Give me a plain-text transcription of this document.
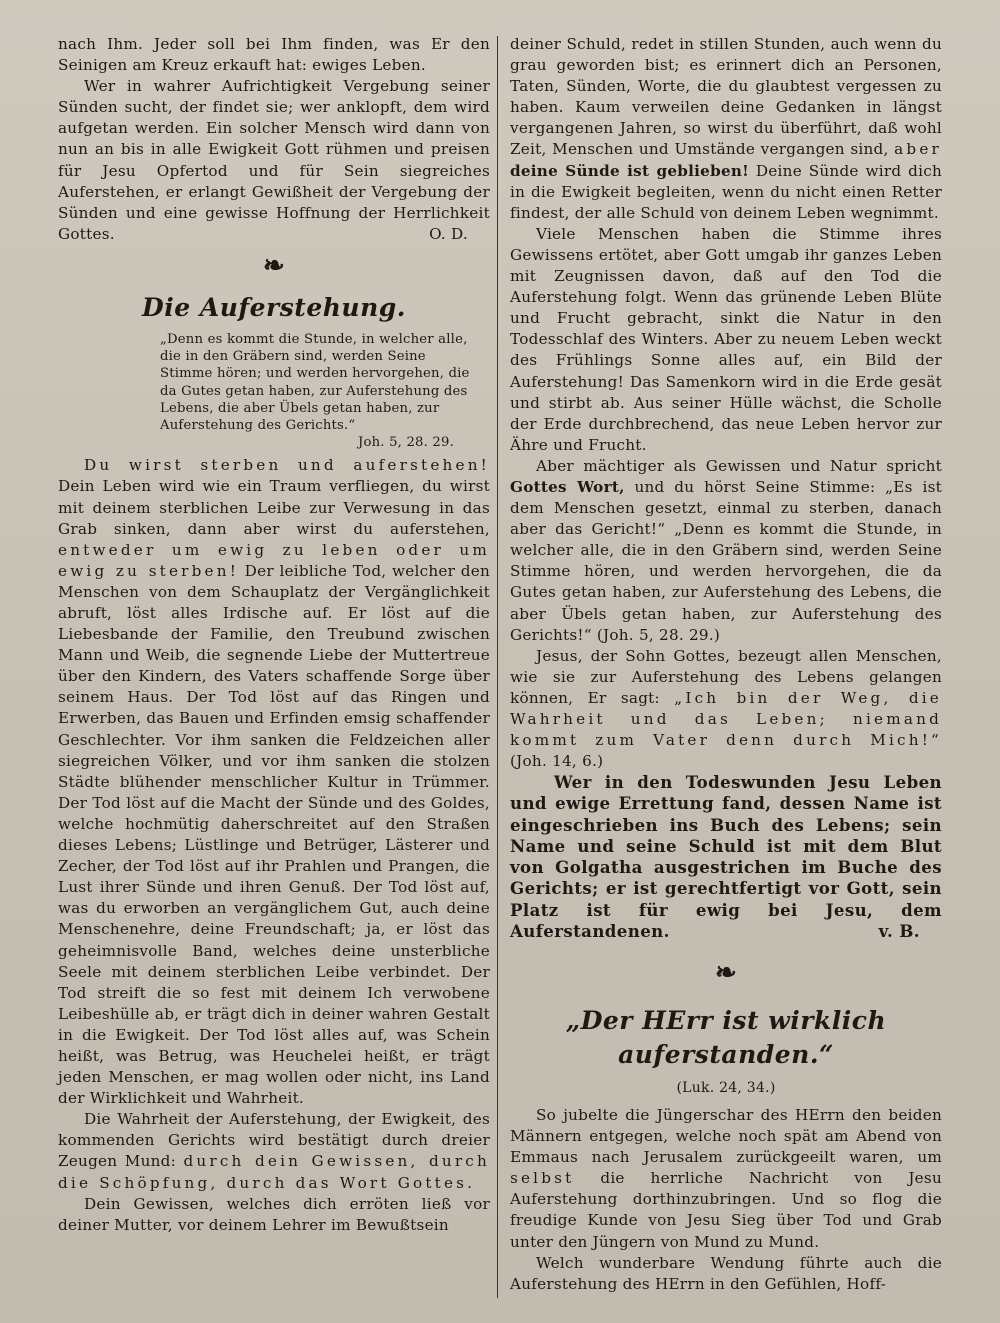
nach Ihm. Jeder soll bei Ihm finden, was Er den Seinigen am Kreuz erkauft hat: ewiges Leben.

Wer in wahrer Aufrichtigkeit Vergebung seiner Sünden sucht, der findet sie; wer anklopft, dem wird aufgetan werden. Ein solcher Mensch wird dann von nun an bis in alle Ewigkeit Gott rühmen und preisen für Jesu Opfertod und für Sein siegreiches Auferstehen, er erlangt Gewißheit der Vergebung der Sünden und eine gewisse Hoffnung der Herrlichkeit Gottes.	O. D.

❧
Die Auferstehung.
„Denn es kommt die Stunde, in welcher alle, die in den Gräbern sind, werden Seine Stimme hören; und werden hervorgehen, die da Gutes getan haben, zur Auferstehung des Lebens, die aber Übels getan haben, zur Auferstehung des Gerichts.“
Joh. 5, 28. 29.

Du wirst sterben und auferstehen! Dein Leben wird wie ein Traum verfliegen, du wirst mit deinem sterblichen Leibe zur Verwesung in das Grab sinken, dann aber wirst du auferstehen, entweder um ewig zu leben oder um ewig zu sterben! Der leibliche Tod, welcher den Menschen von dem Schauplatz der Vergänglichkeit abruft, löst alles Irdische auf. Er löst auf die Liebesbande der Familie, den Treubund zwischen Mann und Weib, die segnende Liebe der Muttertreue über den Kindern, des Vaters schaffende Sorge über seinem Haus. Der Tod löst auf das Ringen und Erwerben, das Bauen und Erfinden emsig schaffender Geschlechter. Vor ihm sanken die Feldzeichen aller siegreichen Völker, und vor ihm sanken die stolzen Städte blühender menschlicher Kultur in Trümmer. Der Tod löst auf die Macht der Sünde und des Goldes, welche hochmütig daherschreitet auf den Straßen dieses Lebens; Lüstlinge und Betrüger, Lästerer und Zecher, der Tod löst auf ihr Prahlen und Prangen, die Lust ihrer Sünde und ihren Genuß. Der Tod löst auf, was du erworben an vergänglichem Gut, auch deine Menschenehre, deine Freundschaft; ja, er löst das geheimnisvolle Band, welches deine unsterbliche Seele mit deinem sterblichen Leibe verbindet. Der Tod streift die so fest mit deinem Ich verwobene Leibeshülle ab, er trägt dich in deiner wahren Gestalt in die Ewigkeit. Der Tod löst alles auf, was Schein heißt, was Betrug, was Heuchelei heißt, er trägt jeden Menschen, er mag wollen oder nicht, ins Land der Wirklichkeit und Wahrheit.

Die Wahrheit der Auferstehung, der Ewigkeit, des kommenden Gerichts wird bestätigt durch dreier Zeugen Mund: durch dein Gewissen, durch die Schöpfung, durch das Wort Gottes.

Dein Gewissen, welches dich erröten ließ vor deiner Mutter, vor deinem Lehrer im Bewußtsein

deiner Schuld, redet in stillen Stunden, auch wenn du grau geworden bist; es erinnert dich an Personen, Taten, Sünden, Worte, die du glaubtest vergessen zu haben. Kaum verweilen deine Gedanken in längst vergangenen Jahren, so wirst du überführt, daß wohl Zeit, Menschen und Umstände vergangen sind, aber deine Sünde ist geblieben! Deine Sünde wird dich in die Ewigkeit begleiten, wenn du nicht einen Retter findest, der alle Schuld von deinem Leben wegnimmt.

Viele Menschen haben die Stimme ihres Gewissens ertötet, aber Gott umgab ihr ganzes Leben mit Zeugnissen davon, daß auf den Tod die Auferstehung folgt. Wenn das grünende Leben Blüte und Frucht gebracht, sinkt die Natur in den Todesschlaf des Winters. Aber zu neuem Leben weckt des Frühlings Sonne alles auf, ein Bild der Auferstehung! Das Samenkorn wird in die Erde gesät und stirbt ab. Aus seiner Hülle wächst, die Scholle der Erde durchbrechend, das neue Leben hervor zur Ähre und Frucht.

Aber mächtiger als Gewissen und Natur spricht Gottes Wort, und du hörst Seine Stimme: „Es ist dem Menschen gesetzt, einmal zu sterben, danach aber das Gericht!“ „Denn es kommt die Stunde, in welcher alle, die in den Gräbern sind, werden Seine Stimme hören, und werden hervorgehen, die da Gutes getan haben, zur Auferstehung des Lebens, die aber Übels getan haben, zur Auferstehung des Gerichts!“ (Joh. 5, 28. 29.)

Jesus, der Sohn Gottes, bezeugt allen Menschen, wie sie zur Auferstehung des Lebens gelangen können, Er sagt: „Ich bin der Weg, die Wahrheit und das Leben; niemand kommt zum Vater denn durch Mich!“ (Joh. 14, 6.)

Wer in den Todeswunden Jesu Leben und ewige Errettung fand, dessen Name ist eingeschrieben ins Buch des Lebens; sein Name und seine Schuld ist mit dem Blut von Golgatha ausgestrichen im Buche des Gerichts; er ist gerechtfertigt vor Gott, sein Platz ist für ewig bei Jesu, dem Auferstandenen.	v. B.

❧
„Der HErr ist wirklich auferstanden.“
(Luk. 24, 34.)

So jubelte die Jüngerschar des HErrn den beiden Männern entgegen, welche noch spät am Abend von Emmaus nach Jerusalem zurückgeeilt waren, um selbst die herrliche Nachricht von Jesu Auferstehung dorthinzubringen. Und so flog die freudige Kunde von Jesu Sieg über Tod und Grab unter den Jüngern von Mund zu Mund.

Welch wunderbare Wendung führte auch die Auferstehung des HErrn in den Gefühlen, Hoff-
